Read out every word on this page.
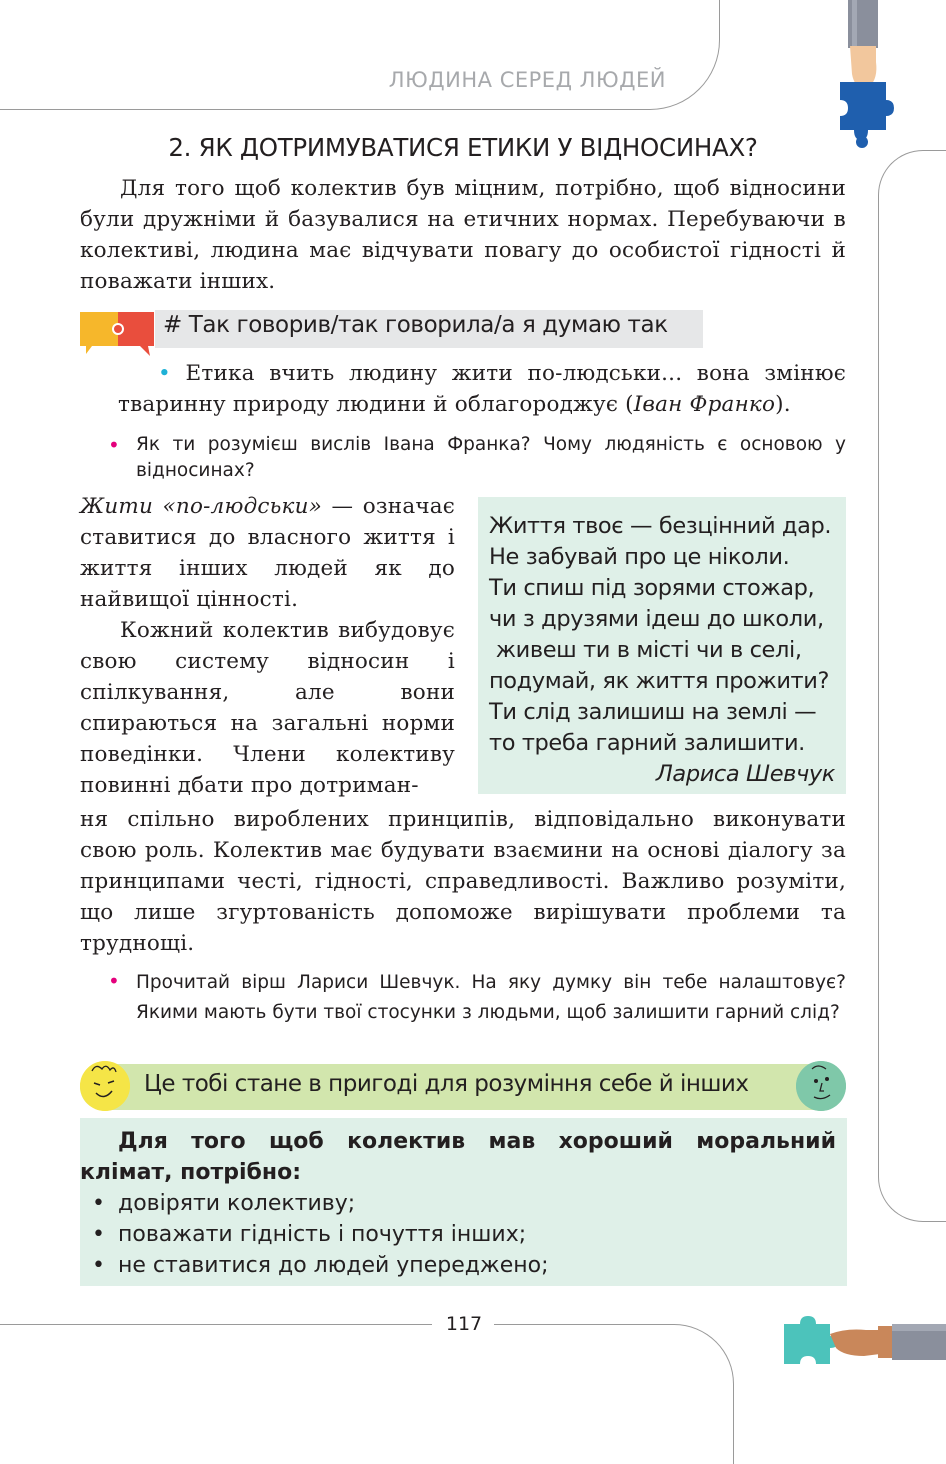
ЛЮДИНА СЕРЕД ЛЮДЕЙ
2. ЯК ДОТРИМУВАТИСЯ ЕТИКИ У ВІДНОСИНАХ?

Для того щоб колектив був міцним, потрібно, щоб відносини були дружніми й базувалися на етичних нормах. Перебуваючи в колективі, людина має відчувати повагу до особистої гідності й поважати інших.

# Так говорив/так говорила/а я думаю так

• Етика вчить людину жити по-людськи... вона змінює тваринну природу людини й облагороджує (Іван Франко).

• Як ти розумієш вислів Івана Франка? Чому людяність є основою у відносинах?

Жити «по-людськи» — означає ставитися до власного життя і життя інших людей як до найвищої цінності.

Кожний колектив вибудовує свою систему відносин і спілкування, але вони спираються на загальні норми поведінки. Члени колективу повинні дбати про дотриман-

Життя твоє — безцінний дар.
Не забувай про це ніколи.
Ти спиш під зорями стожар,
чи з друзями ідеш до школи,
живеш ти в місті чи в селі,
подумай, як життя прожити?
Ти слід залишиш на землі —
то треба гарний залишити.
Лариса Шевчук

ня спільно вироблених принципів, відповідально виконувати свою роль. Колектив має будувати взаємини на основі діалогу за принципами честі, гідності, справедливості. Важливо розуміти, що лише згуртованість допоможе вирішувати проблеми та труднощі.

• Прочитай вірш Лариси Шевчук. На яку думку він тебе налаштовує? Якими мають бути твої стосунки з людьми, щоб залишити гарний слід?
Це тобі стане в пригоді для розуміння себе й інших
Для того щоб колектив мав хороший моральний клімат, потрібно:
• довіряти колективу;
• поважати гідність і почуття інших;
• не ставитися до людей упереджено;
117
